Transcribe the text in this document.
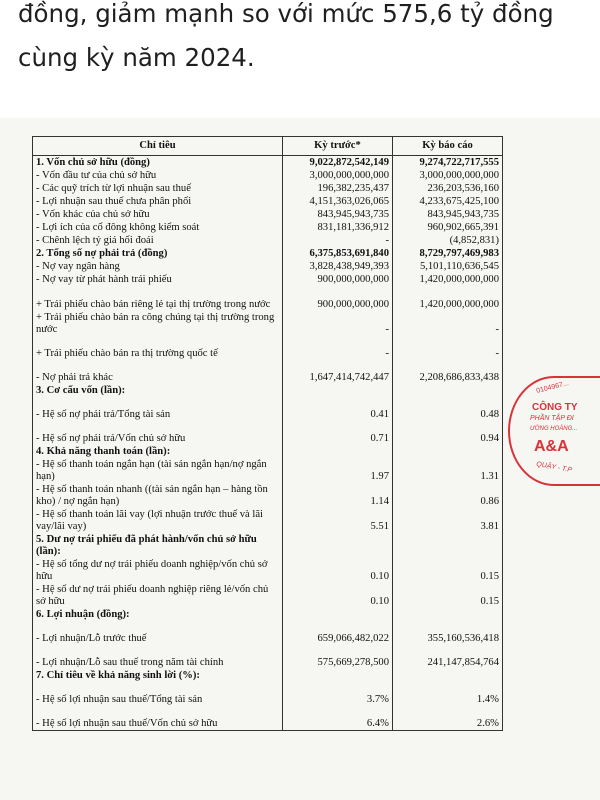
đồng, giảm mạnh so với mức 575,6 tỷ đồng
cùng kỳ năm 2024.
Chỉ tiêu	Kỳ trước*	Kỳ báo cáo
1. Vốn chủ sở hữu (đồng)	9,022,872,542,149	9,274,722,717,555
- Vốn đầu tư của chủ sở hữu	3,000,000,000,000	3,000,000,000,000
- Các quỹ trích từ lợi nhuận sau thuế	196,382,235,437	236,203,536,160
- Lợi nhuận sau thuế chưa phân phối	4,151,363,026,065	4,233,675,425,100
- Vốn khác của chủ sở hữu	843,945,943,735	843,945,943,735
- Lợi ích của cổ đông không kiểm soát	831,181,336,912	960,902,665,391
- Chênh lệch tỷ giá hối đoái	-	(4,852,831)
2. Tổng số nợ phải trả (đồng)	6,375,853,691,840	8,729,797,469,983
- Nợ vay ngân hàng	3,828,438,949,393	5,101,110,636,545
- Nợ vay từ phát hành trái phiếu	900,000,000,000	1,420,000,000,000
+ Trái phiếu chào bán riêng lẻ tại thị trường trong nước	900,000,000,000	1,420,000,000,000
+ Trái phiếu chào bán ra công chúng tại thị trường trong nước	-	-
+ Trái phiếu chào bán ra thị trường quốc tế	-	-
- Nợ phải trả khác	1,647,414,742,447	2,208,686,833,438
3. Cơ cấu vốn (lần):		
- Hệ số nợ phải trả/Tổng tài sản	0.41	0.48
- Hệ số nợ phải trả/Vốn chủ sở hữu	0.71	0.94
4. Khả năng thanh toán (lần):		
- Hệ số thanh toán ngắn hạn (tài sản ngắn hạn/nợ ngắn hạn)	1.97	1.31
- Hệ số thanh toán nhanh ((tài sản ngắn hạn – hàng tồn kho) / nợ ngắn hạn)	1.14	0.86
- Hệ số thanh toán lãi vay (lợi nhuận trước thuế và lãi vay/lãi vay)	5.51	3.81
5. Dư nợ trái phiếu đã phát hành/vốn chủ sở hữu (lần):		
- Hệ số tổng dư nợ trái phiếu doanh nghiệp/vốn chủ sở hữu	0.10	0.15
- Hệ số dư nợ trái phiếu doanh nghiệp riêng lẻ/vốn chủ sở hữu	0.10	0.15
6. Lợi nhuận (đồng):		
- Lợi nhuận/Lỗ trước thuế	659,066,482,022	355,160,536,418
- Lợi nhuận/Lỗ sau thuế trong năm tài chính	575,669,278,500	241,147,854,764
7. Chỉ tiêu về khả năng sinh lời (%):		
- Hệ số lợi nhuận sau thuế/Tổng tài sản	3.7%	1.4%
- Hệ số lợi nhuận sau thuế/Vốn chủ sở hữu	6.4%	2.6%
0104967...
CÔNG TY
PHẦN TẬP ĐI
ƯỜNG HOÀNG...
A&A
QUẬY - T.P
